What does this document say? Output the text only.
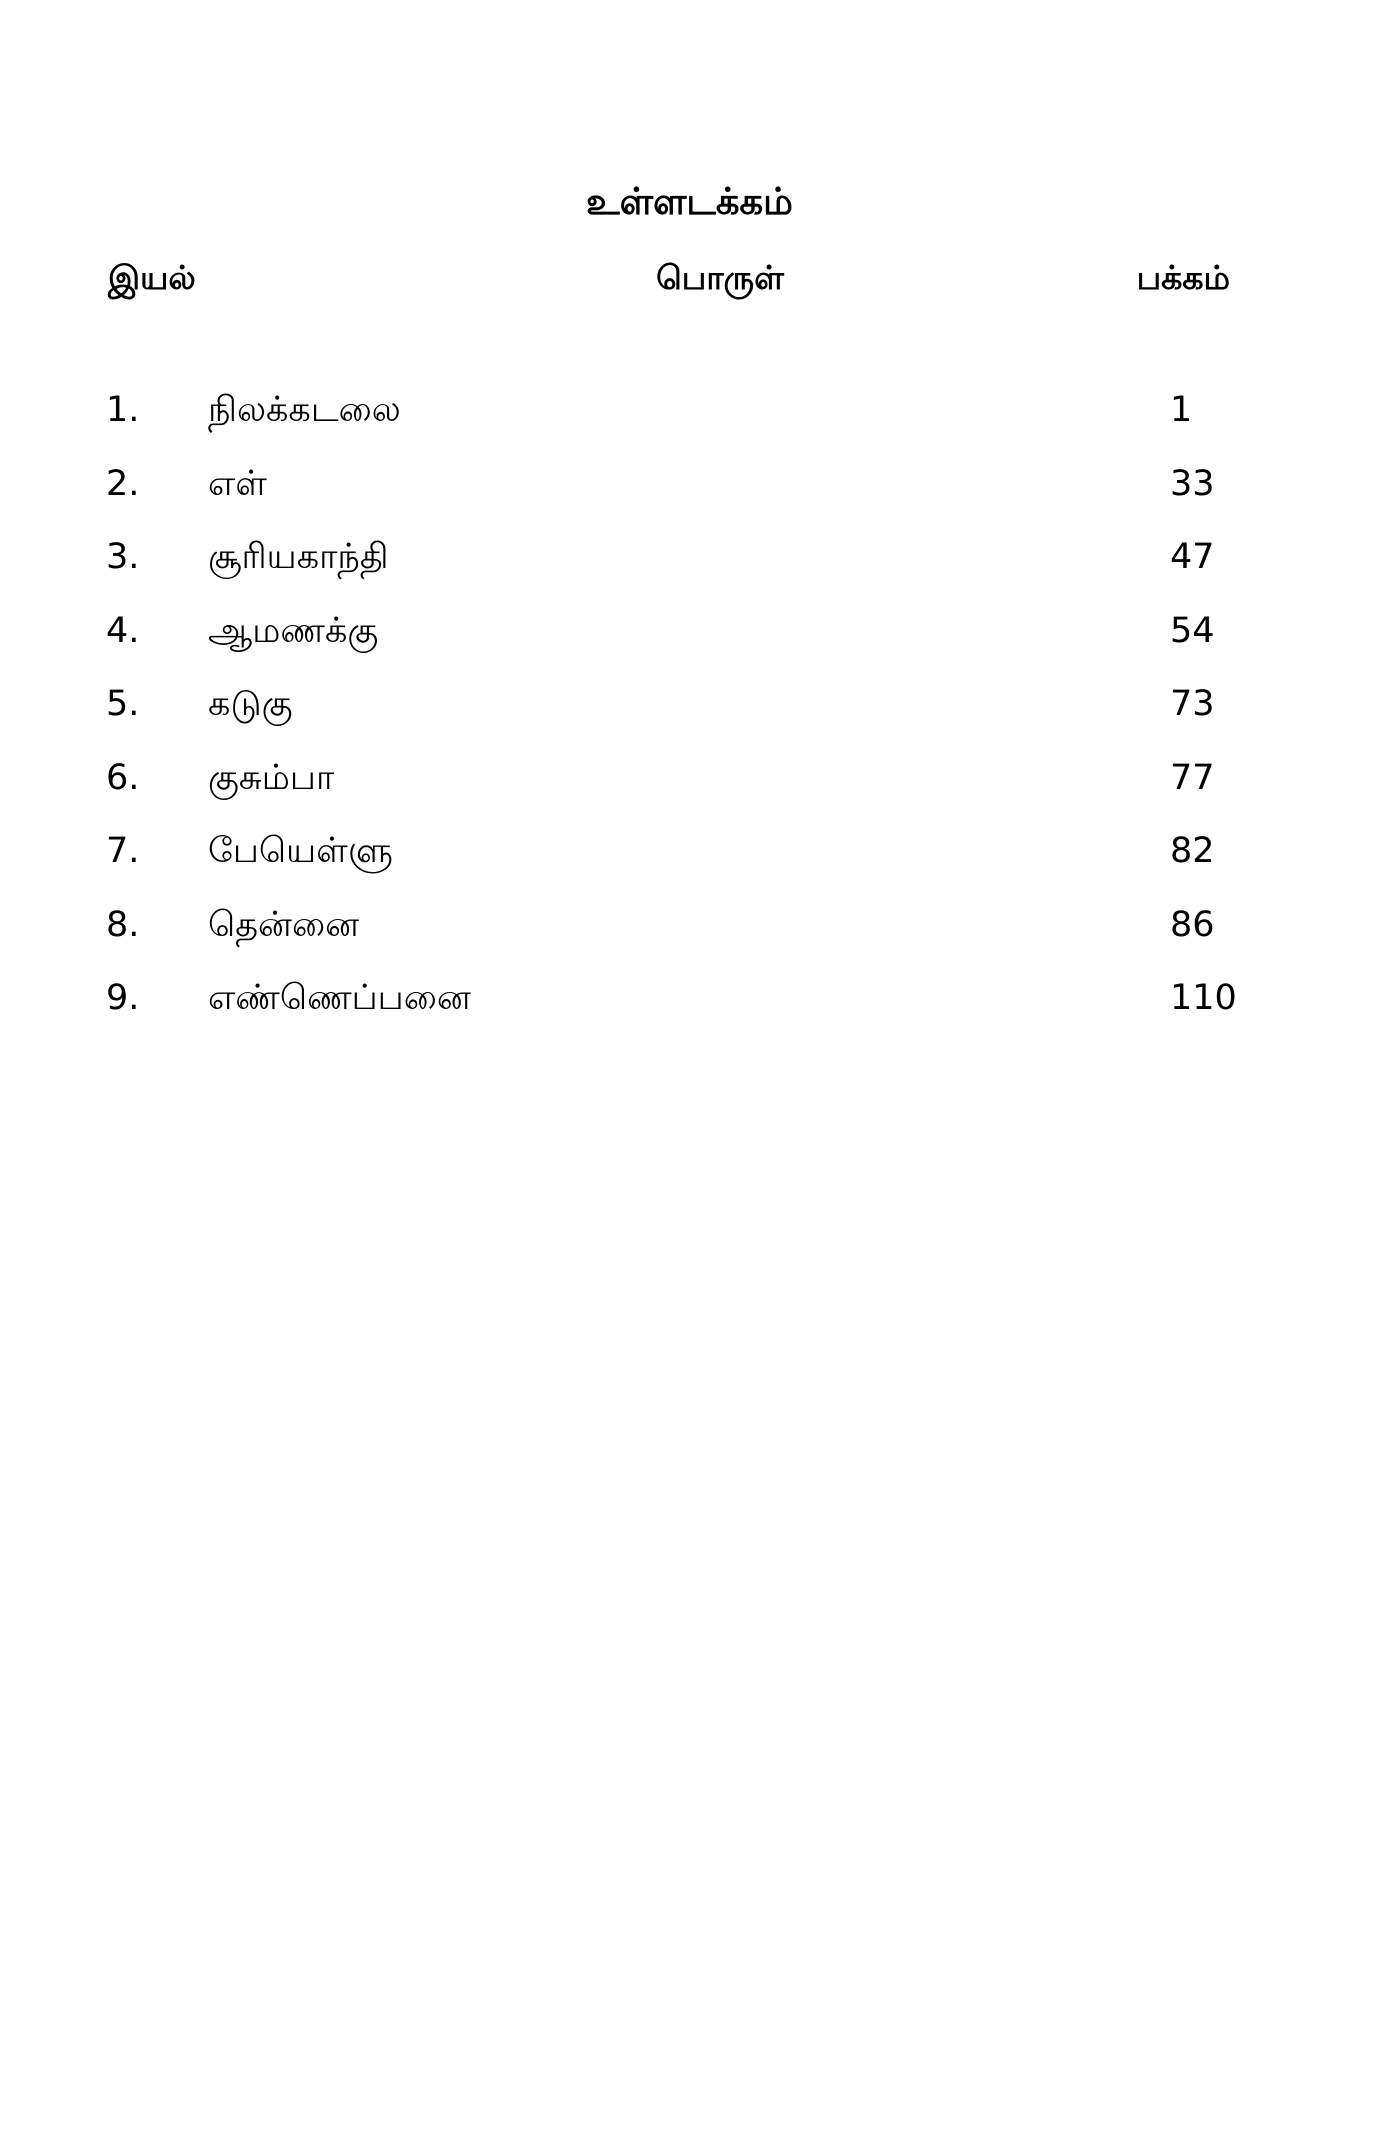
உள்ளடக்கம்
இயல்	பொருள்	பக்கம்
1. நிலக்கடலை	1
2. எள்	33
3. சூரியகாந்தி	47
4. ஆமணக்கு	54
5. கடுகு	73
6. குசும்பா	77
7. பேயெள்ளு	82
8. தென்னை	86
9. எண்ணெப்பனை	110
